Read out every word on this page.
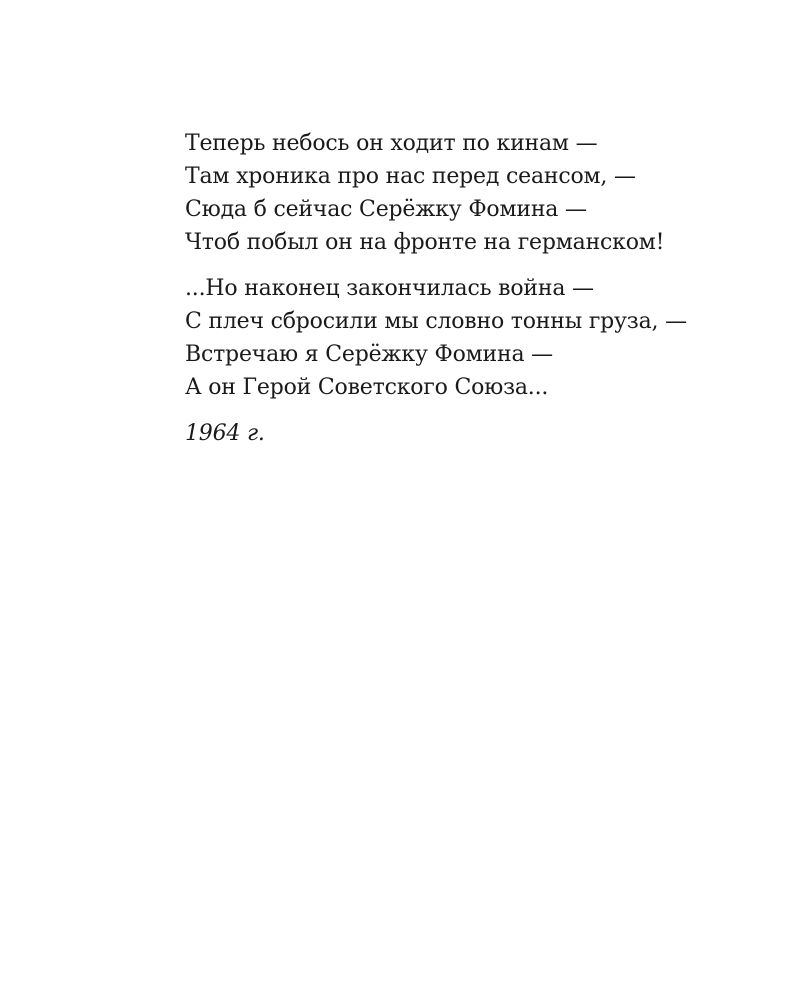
Теперь небось он ходит по кинам —
Там хроника про нас перед сеансом, —
Сюда б сейчас Серёжку Фомина —
Чтоб побыл он на фронте на германском!
...Но наконец закончилась война —
С плеч сбросили мы словно тонны груза, —
Встречаю я Серёжку Фомина —
А он Герой Советского Союза...
1964 г.
